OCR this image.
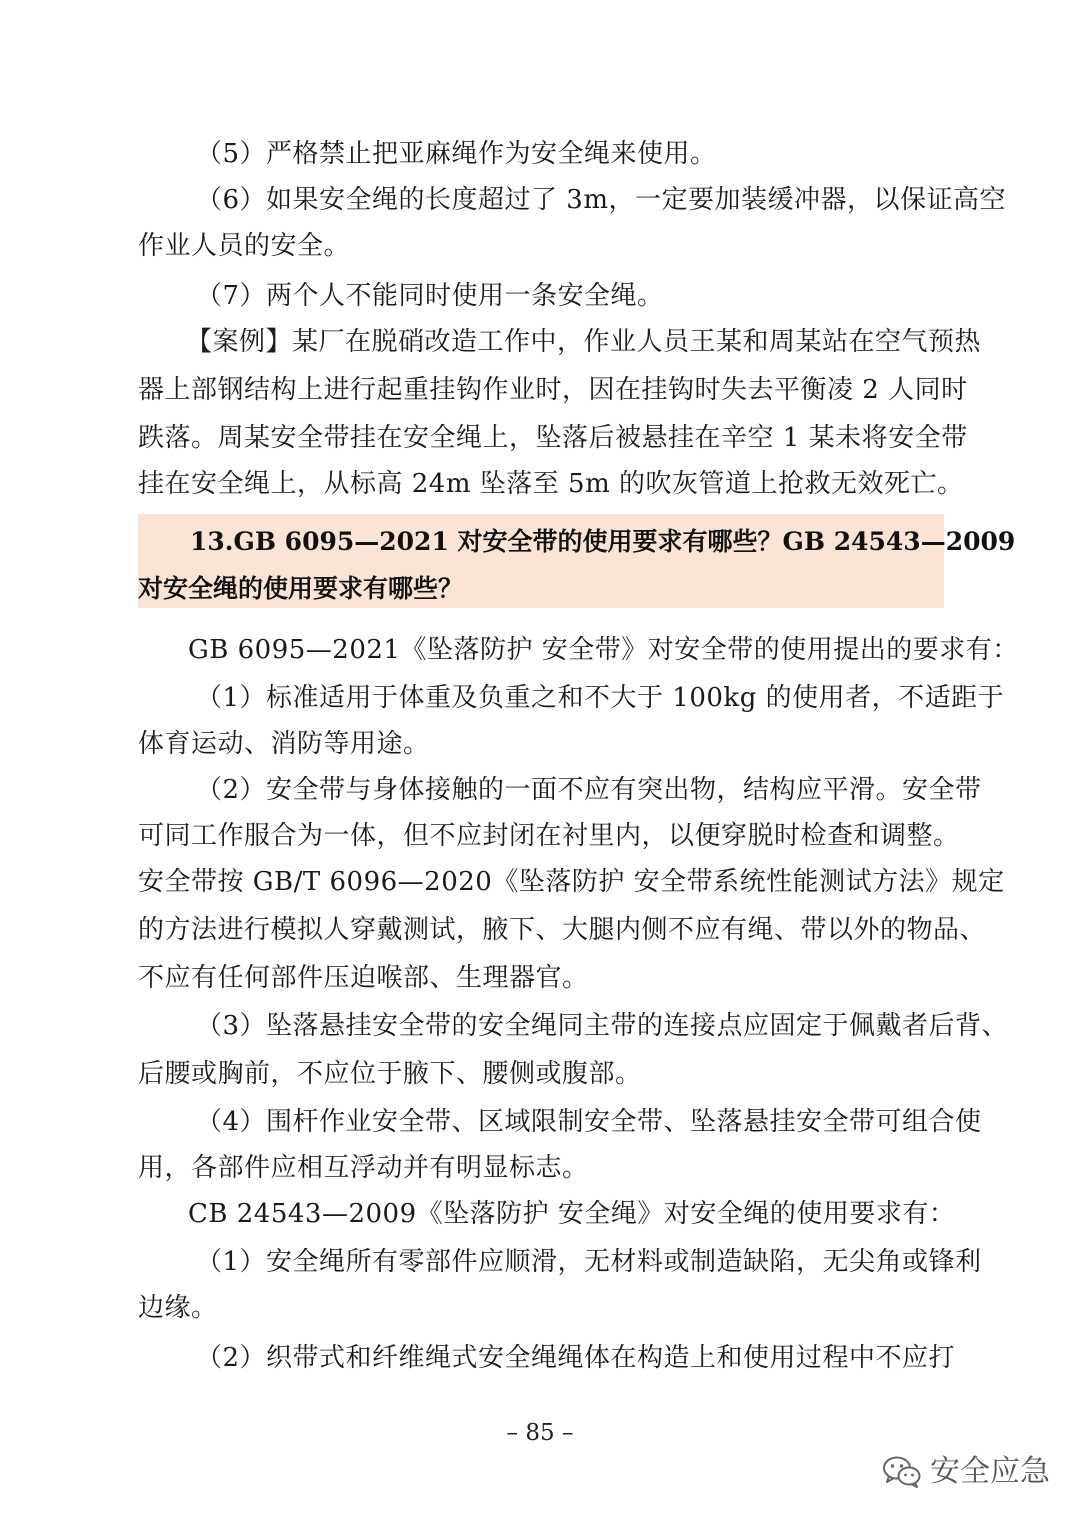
（5）严格禁止把亚麻绳作为安全绳来使用。
（6）如果安全绳的长度超过了 3m，一定要加装缓冲器，以保证高空
作业人员的安全。
（7）两个人不能同时使用一条安全绳。
【案例】某厂在脱硝改造工作中，作业人员王某和周某站在空气预热
器上部钢结构上进行起重挂钩作业时，因在挂钩时失去平衡凌 2 人同时
跌落。周某安全带挂在安全绳上，坠落后被悬挂在辛空 1 某未将安全带
挂在安全绳上，从标高 24m 坠落至 5m 的吹灰管道上抢救无效死亡。
13.GB 6095—2021 对安全带的使用要求有哪些？GB 24543—2009
对安全绳的使用要求有哪些？
GB 6095—2021《坠落防护 安全带》对安全带的使用提出的要求有：
（1）标准适用于体重及负重之和不大于 100kg 的使用者，不适距于
体育运动、消防等用途。
（2）安全带与身体接触的一面不应有突出物，结构应平滑。安全带
可同工作服合为一体，但不应封闭在衬里内，以便穿脱时检查和调整。
安全带按 GB/T 6096—2020《坠落防护 安全带系统性能测试方法》规定
的方法进行模拟人穿戴测试，腋下、大腿内侧不应有绳、带以外的物品、
不应有任何部件压迫喉部、生理器官。
（3）坠落悬挂安全带的安全绳同主带的连接点应固定于佩戴者后背、
后腰或胸前，不应位于腋下、腰侧或腹部。
（4）围杆作业安全带、区域限制安全带、坠落悬挂安全带可组合使
用，各部件应相互浮动并有明显标志。
CB 24543—2009《坠落防护 安全绳》对安全绳的使用要求有：
（1）安全绳所有零部件应顺滑，无材料或制造缺陷，无尖角或锋利
边缘。
（2）织带式和纤维绳式安全绳绳体在构造上和使用过程中不应打
– 85 –
安全应急
